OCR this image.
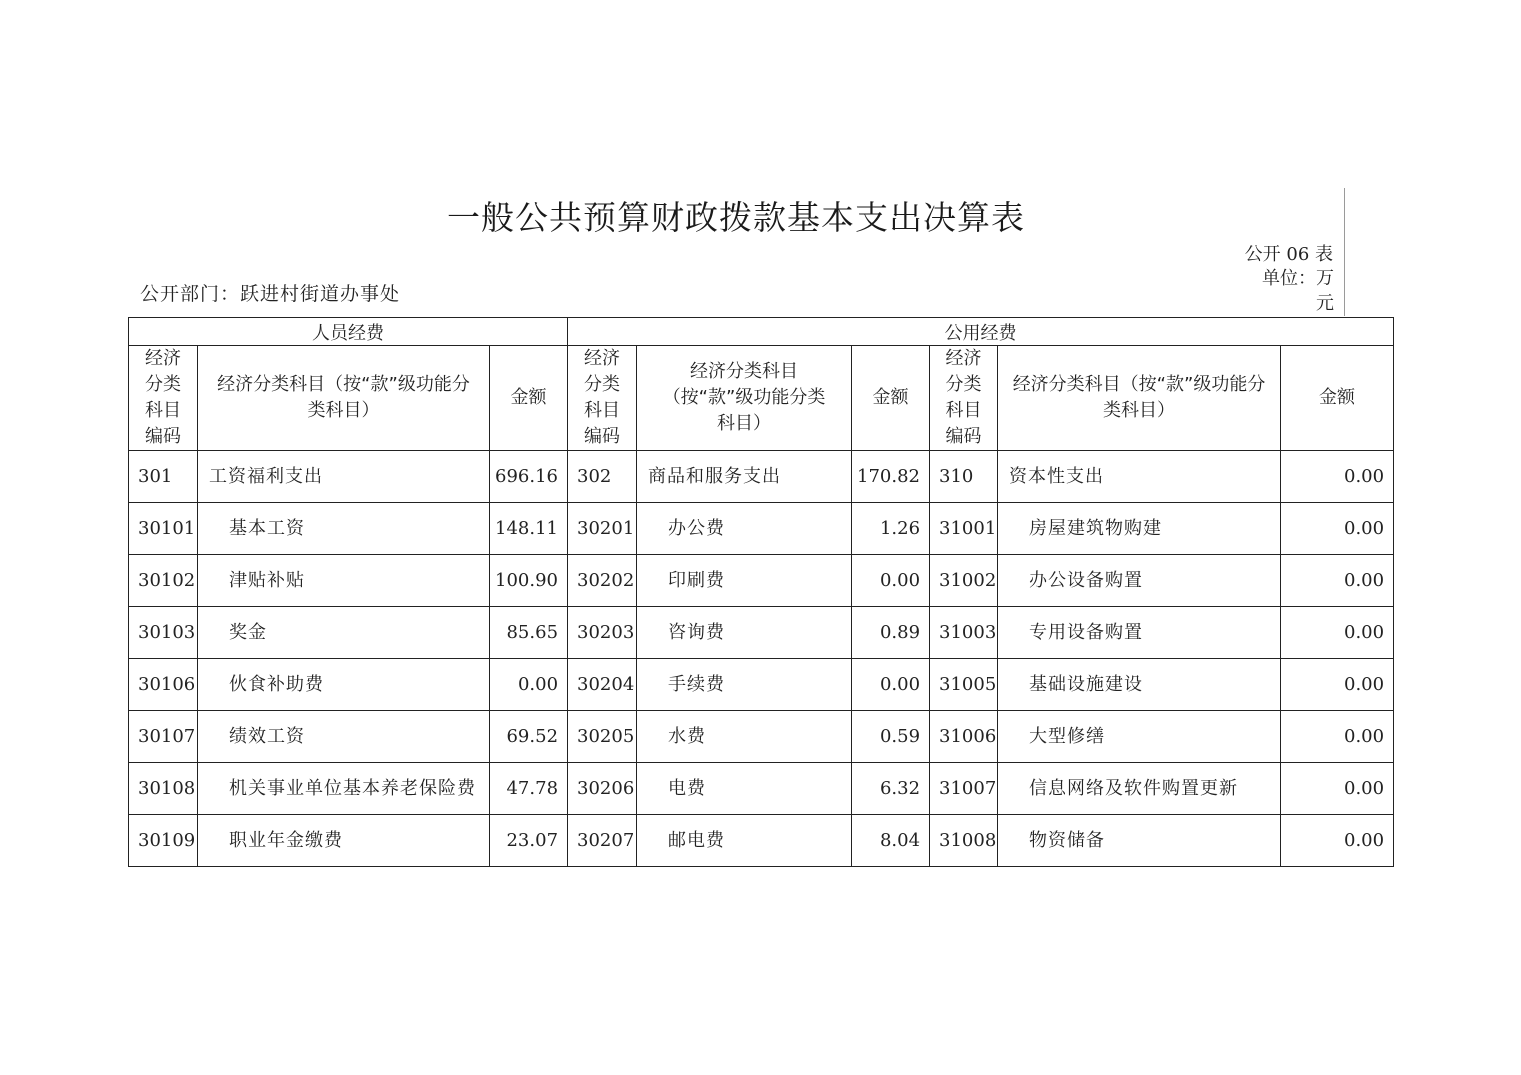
一般公共预算财政拨款基本支出决算表
公开 06 表
单位：万元
公开部门：跃进村街道办事处
人员经费			公用经费					
经济分类科目编码	经济分类科目（按“款”级功能分类科目）	金额	经济分类科目编码	经济分类科目（按“款”级功能分类科目）	金额	经济分类科目编码	经济分类科目（按“款”级功能分类科目）	金额
301	工资福利支出	696.16	302	商品和服务支出	170.82	310	资本性支出	0.00
30101	基本工资	148.11	30201	办公费	1.26	31001	房屋建筑物购建	0.00
30102	津贴补贴	100.90	30202	印刷费	0.00	31002	办公设备购置	0.00
30103	奖金	85.65	30203	咨询费	0.89	31003	专用设备购置	0.00
30106	伙食补助费	0.00	30204	手续费	0.00	31005	基础设施建设	0.00
30107	绩效工资	69.52	30205	水费	0.59	31006	大型修缮	0.00
30108	机关事业单位基本养老保险费	47.78	30206	电费	6.32	31007	信息网络及软件购置更新	0.00
30109	职业年金缴费	23.07	30207	邮电费	8.04	31008	物资储备	0.00
